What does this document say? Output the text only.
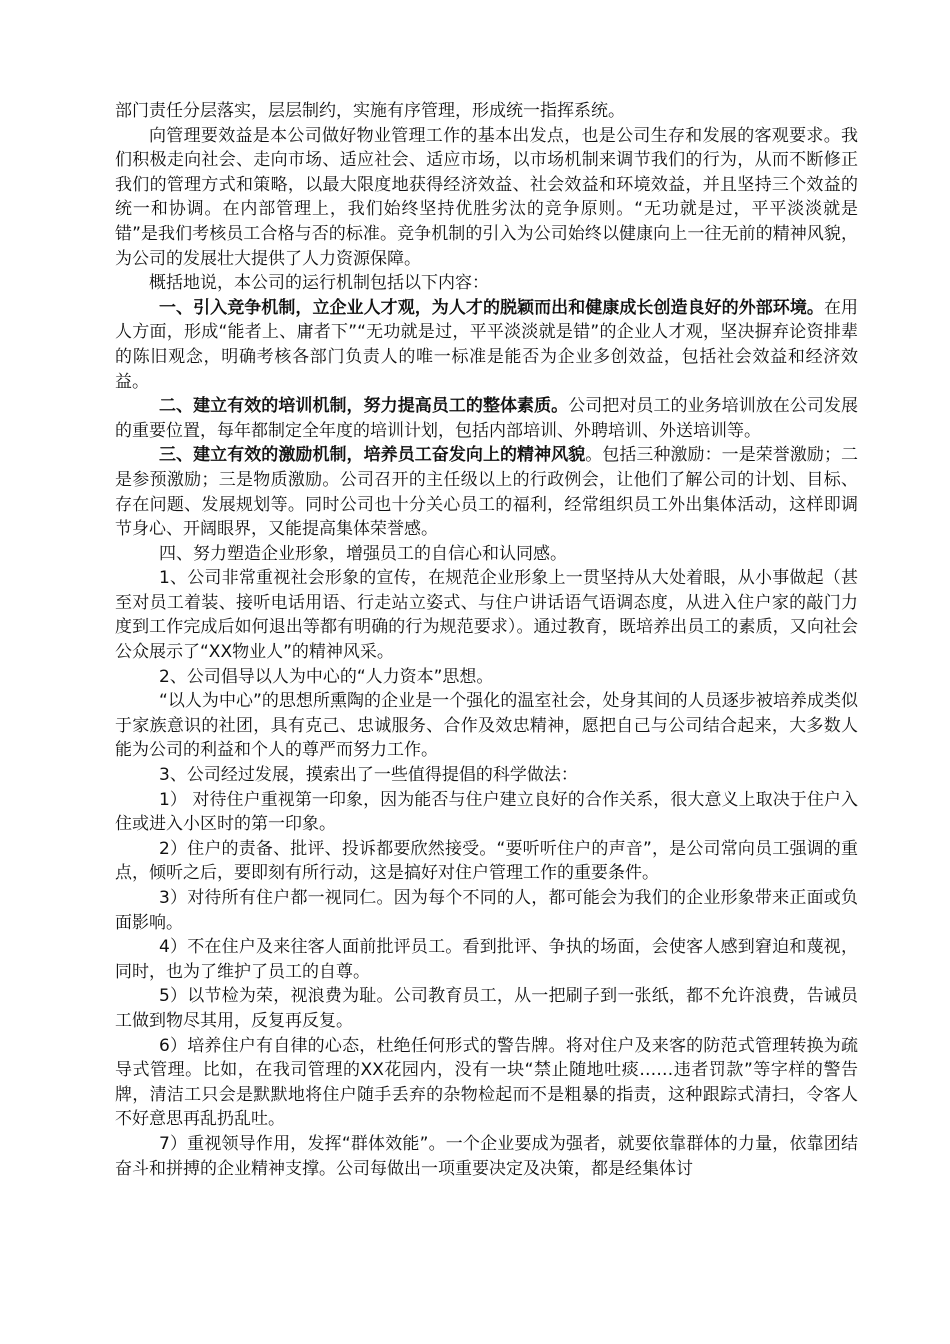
部门责任分层落实，层层制约，实施有序管理，形成统一指挥系统。

向管理要效益是本公司做好物业管理工作的基本出发点，也是公司生存和发展的客观要求。我们积极走向社会、走向市场、适应社会、适应市场，以市场机制来调节我们的行为，从而不断修正我们的管理方式和策略，以最大限度地获得经济效益、社会效益和环境效益，并且坚持三个效益的统一和协调。在内部管理上，我们始终坚持优胜劣汰的竞争原则。“无功就是过，平平淡淡就是错”是我们考核员工合格与否的标准。竞争机制的引入为公司始终以健康向上一往无前的精神风貌，为公司的发展壮大提供了人力资源保障。

概括地说，本公司的运行机制包括以下内容：

一、引入竞争机制，立企业人才观，为人才的脱颖而出和健康成长创造良好的外部环境。在用人方面，形成“能者上、庸者下”“无功就是过，平平淡淡就是错”的企业人才观，坚决摒弃论资排辈的陈旧观念，明确考核各部门负责人的唯一标准是能否为企业多创效益，包括社会效益和经济效益。

二、建立有效的培训机制，努力提高员工的整体素质。公司把对员工的业务培训放在公司发展的重要位置，每年都制定全年度的培训计划，包括内部培训、外聘培训、外送培训等。

三、建立有效的激励机制，培养员工奋发向上的精神风貌。包括三种激励：一是荣誉激励；二是参预激励；三是物质激励。公司召开的主任级以上的行政例会，让他们了解公司的计划、目标、存在问题、发展规划等。同时公司也十分关心员工的福利，经常组织员工外出集体活动，这样即调节身心、开阔眼界，又能提高集体荣誉感。

四、努力塑造企业形象，增强员工的自信心和认同感。

1、公司非常重视社会形象的宣传，在规范企业形象上一贯坚持从大处着眼，从小事做起（甚至对员工着装、接听电话用语、行走站立姿式、与住户讲话语气语调态度，从进入住户家的敲门力度到工作完成后如何退出等都有明确的行为规范要求）。通过教育，既培养出员工的素质，又向社会公众展示了“XX物业人”的精神风采。

2、公司倡导以人为中心的“人力资本”思想。

“以人为中心”的思想所熏陶的企业是一个强化的温室社会，处身其间的人员逐步被培养成类似于家族意识的社团，具有克己、忠诚服务、合作及效忠精神，愿把自己与公司结合起来，大多数人能为公司的利益和个人的尊严而努力工作。

3、公司经过发展，摸索出了一些值得提倡的科学做法：

1） 对待住户重视第一印象，因为能否与住户建立良好的合作关系，很大意义上取决于住户入住或进入小区时的第一印象。

2）住户的责备、批评、投诉都要欣然接受。“要听听住户的声音”，是公司常向员工强调的重点，倾听之后，要即刻有所行动，这是搞好对住户管理工作的重要条件。

3）对待所有住户都一视同仁。因为每个不同的人，都可能会为我们的企业形象带来正面或负面影响。

4）不在住户及来往客人面前批评员工。看到批评、争执的场面，会使客人感到窘迫和蔑视，同时，也为了维护了员工的自尊。

5）以节检为荣，视浪费为耻。公司教育员工，从一把刷子到一张纸，都不允许浪费，告诫员工做到物尽其用，反复再反复。

6）培养住户有自律的心态，杜绝任何形式的警告牌。将对住户及来客的防范式管理转换为疏导式管理。比如，在我司管理的XX花园内，没有一块“禁止随地吐痰……违者罚款”等字样的警告牌，清洁工只会是默默地将住户随手丢弃的杂物检起而不是粗暴的指责，这种跟踪式清扫，令客人不好意思再乱扔乱吐。

7）重视领导作用，发挥“群体效能”。一个企业要成为强者，就要依靠群体的力量，依靠团结奋斗和拼搏的企业精神支撑。公司每做出一项重要决定及决策，都是经集体讨
